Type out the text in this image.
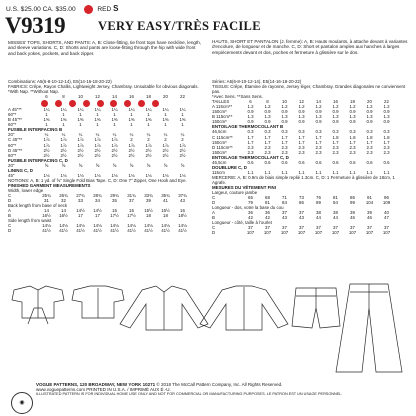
U.S. $25.00 CA. $35.00	RED S
V9319	VERY EASY/TRÈS FACILE
MISSES' TOPS, SHORTS, AND PANTS: A, B: Close-fitting, tie front tops have neckline, length, and sleeve variations. C, D: Shorts and pants are loose-fitting through the hip with wide front and back yokes, pockets, and back zipper.
HAUTS, SHORT ET PANTALON (J. femme): A, B: Hauts moulants, à attache devant à variantes d'encolure, de longueur et de manche. C, D: Short et pantalon amples aux hanches à larges empiècements devant et dos, poches et fermeture à glissière sur le dos.
Combinations: A5(6-8-10-12-14), E5(14-16-18-20-22)
FABRICS: Crêpe, Rayon Challis, Lightweight Jersey, Chambray. Unsuitable for obvious diagonals.
*With Nap. **Without Nap.
6	8	10	12	14	16	18	20	22
A 45"**	1¼	1¼	1¼	1¼	1¼	1¼	1¼	1¼	1¼
60"*	1	1	1	1	1	1	1	1	1
B 45"**	1⅜	1⅜	1⅜	1⅜	1⅜	1⅜	1⅜	1⅜	1⅜
60"*	1	1	1	1	1	1	1	1	1
FUSIBLE INTERFACING B
20"	¼	¼	¼	¼	¼	¼	¼	¼	¼
C 45"**	1⅞	1⅞	1⅞	1⅞	1⅞	2	2	2	2
60"*	1⅞	1⅞	1⅞	1⅞	1⅞	1⅞	1⅞	1⅞	1⅞
D 45"**	2½	2½	2½	2½	2½	2½	2½	2½	2½
60"*	2½	2½	2½	2½	2½	2½	2½	2½	2½
FUSIBLE INTERFACING C, D
20"	⅝	⅝	⅝	⅝	⅝	⅝	⅝	⅝	⅝
LINING C, D
45"	1⅛	1⅛	1⅛	1⅛	1⅛	1⅛	1⅛	1⅛	1⅛
NOTIONS: A, B: 1 yd. of ⅝" Single Fold Bias Tape. C, D: One 7" Zipper, One Hook and Eye.
FINISHED GARMENT MEASUREMENTS
Width, lower edge
C	25¾	26¾	27¾	28¾	29¾	31¾	33¾	35¾	37¾
D	31	32	33	34	35	37	39	41	43
Back length from base of neck
A	14	14	14½	14½	15	15	15½	15½	16
B	16½	16½	17	17	17½	17½	18	18	18½
Side length from waist
C	14⅛	14⅛	14⅛	14⅛	14⅛	14⅛	14⅛	14⅛	14⅛
D	41½	41½	41½	41½	41½	41½	41½	41½	41½
Séries: A5(6-8-10-12-14), E5(14-16-18-20-22)
TISSUS: Crêpe, Étamine de rayonne, Jersey léger, Chambray. Grandes diagonales ne conviennent pas.
*Avec Sens. **Sans Sens.
TAILLES	6	8	10	12	14	16	18	20	22
A 115cm**	1.2	1.2	1.2	1.2	1.2	1.2	1.2	1.2	1.2
150cm*	0.9	0.9	0.9	0.9	0.9	0.9	0.9	0.9	0.9
B 115cm**	1.3	1.3	1.3	1.3	1.3	1.3	1.3	1.3	1.3
150cm*	0.9	0.9	0.9	0.9	0.9	0.9	0.9	0.9	0.9
ENTOILAGE THERMOCOLLANT B
46,5cm	0.3	0.3	0.3	0.3	0.3	0.3	0.3	0.3	0.3
C 115cm**	1.7	1.7	1.7	1.7	1.7	1.8	1.8	1.8	1.8
150cm*	1.7	1.7	1.7	1.7	1.7	1.7	1.7	1.7	1.7
D 115cm**	2.3	2.3	2.3	2.3	2.3	2.3	2.3	2.3	2.3
150cm*	2.3	2.3	2.3	2.3	2.3	2.3	2.3	2.3	2.3
ENTOILAGE THERMOCOLLANT C, D
46,5cm	0.6	0.6	0.6	0.6	0.6	0.6	0.6	0.6	0.6
DOUBLURE C, D
115cm	1.1	1.1	1.1	1.1	1.1	1.1	1.1	1.1	1.1
MERCERIE: A, B: 0.9m de biais simple replié 1.3cm. C, D: 1 Fermeture à glissière de 18cm, 1 Agrafe.
MESURES DU VÊTEMENT FINI
Largeur, couture jambe
C	65	68	71	73	76	81	86	91	96
D	79	81	84	86	89	94	99	104	109
Longueur - dos, votre la base du cou
A	36	36	37	37	38	38	39	39	40
B	42	42	43	43	44	44	46	46	47
Longueur - côté, taille à l'ourlet
C	37	37	37	37	37	37	37	37	37
D	107	107	107	107	107	107	107	107	107
VOGUE PATTERNS, 120 BROADWAY, NEW YORK 10271 © 2018 The McCall Pattern Company, Inc. All Rights Reserved.
www.voguepatterns.com PRINTED IN U.S.A. / IMPRIMÉ AUX É.-U.
ILLUSTRATED PATTERN IS FOR INDIVIDUAL HOME USE ONLY AND NOT FOR COMMERCIAL OR MANUFACTURING PURPOSES. LE PATRON EST UN USAGE PERSONNEL.
◉
